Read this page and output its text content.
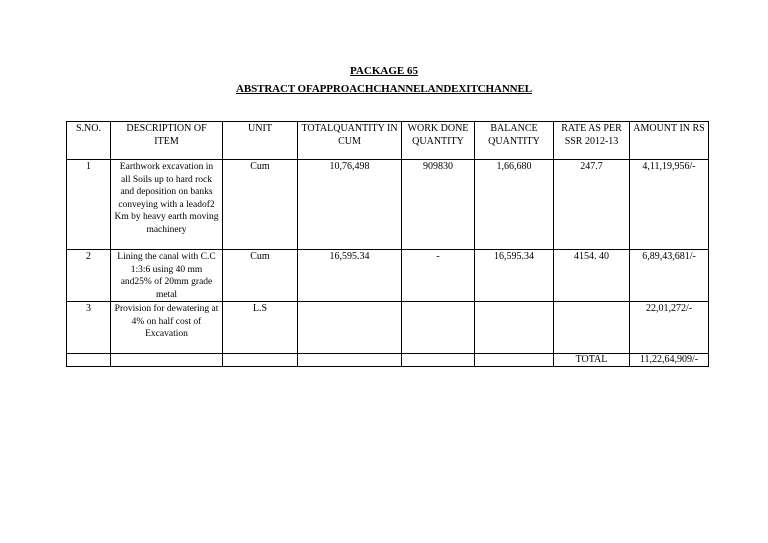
PACKAGE 65
ABSTRACT OFAPPROACHCHANNELANDEXITCHANNEL
S.NO.	DESCRIPTION OF ITEM	UNIT	TOTALQUANTITY IN CUM	WORK DONE QUANTITY	BALANCE QUANTITY	RATE AS PER SSR 2012-13	AMOUNT IN RS
1	Earthwork excavation in all Soils up to hard rock and deposition on banks conveying with a leadof2 Km by heavy earth moving machinery	Cum	10,76,498	909830	1,66,680	247.7	4,11,19,956/-
2	Lining the canal with C.C 1:3:6 using 40 mm and25% of 20mm grade metal	Cum	16,595.34	-	16,595.34	4154. 40	6,89,43,681/-
3	Provision for dewatering at 4% on half cost of Excavation	L.S					22,01,272/-
						TOTAL	11,22,64,909/-
